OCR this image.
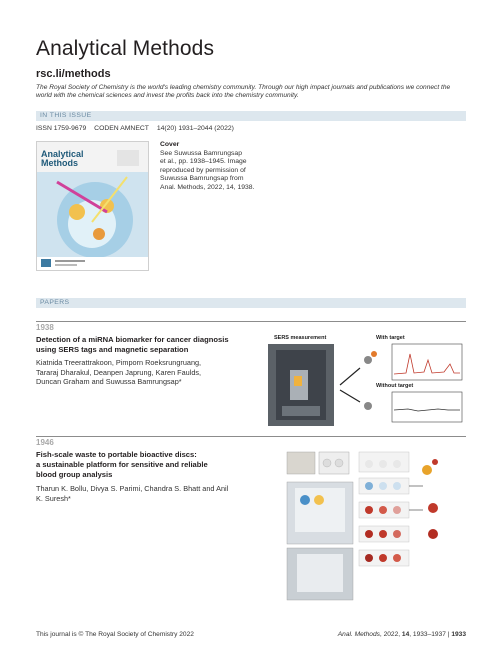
Analytical Methods
rsc.li/methods
The Royal Society of Chemistry is the world's leading chemistry community. Through our high impact journals and publications we connect the world with the chemical sciences and invest the profits back into the chemistry community.
IN THIS ISSUE
ISSN 1759-9679 CODEN AMNECT 14(20) 1931–2044 (2022)
Analytical
Methods
Cover
See Suwussa Bamrungsap
et al., pp. 1938–1945. Image
reproduced by permission of
Suwussa Bamrungsap from
Anal. Methods, 2022, 14, 1938.
PAPERS
1938
Detection of a miRNA biomarker for cancer diagnosis
using SERS tags and magnetic separation
Kiatnida Treerattrakoon, Pimporn Roeksrungruang,
Tararaj Dharakul, Deanpen Japrung, Karen Faulds,
Duncan Graham and Suwussa Bamrungsap*
SERS measurement	With target
Without target
1946
Fish-scale waste to portable bioactive discs:
a sustainable platform for sensitive and reliable
blood group analysis
Tharun K. Bollu, Divya S. Parimi, Chandra S. Bhatt and Anil
K. Suresh*
This journal is © The Royal Society of Chemistry 2022	Anal. Methods, 2022, 14, 1933–1937 | 1933
